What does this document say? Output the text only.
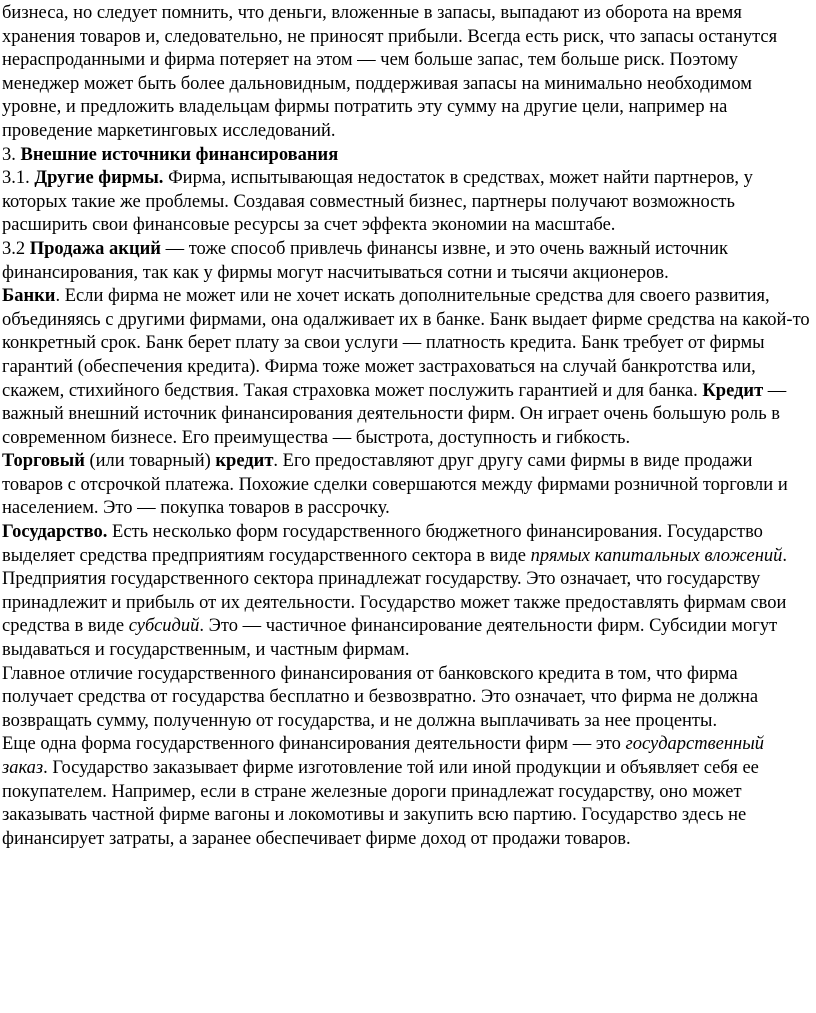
бизнеса, но следует помнить, что деньги, вложенные в запасы, выпадают из оборота на время хранения товаров и, следовательно, не приносят прибыли. Всегда есть риск, что запасы останутся нераспроданными и фирма потеряет на этом — чем больше запас, тем больше риск. Поэтому менеджер может быть более дальновидным, поддерживая запасы на минимально необходимом уровне, и предложить владельцам фирмы потратить эту сумму на другие цели, например на проведение маркетинговых исследований.

3. Внешние источники финансирования

3.1. Другие фирмы. Фирма, испытывающая недостаток в средствах, может найти партнеров, у которых такие же проблемы. Создавая совместный бизнес, партнеры получают возможность расширить свои финансовые ресурсы за счет эффекта экономии на масштабе.

3.2 Продажа акций — тоже способ привлечь финансы извне, и это очень важный источник финансирования, так как у фирмы могут насчитываться сотни и тысячи акционеров.

Банки. Если фирма не может или не хочет искать дополнительные средства для своего развития, объединяясь с другими фирмами, она одалживает их в банке. Банк выдает фирме средства на какой-то конкретный срок. Банк берет плату за свои услуги — платность кредита. Банк требует от фирмы гарантий (обеспечения кредита). Фирма тоже может застраховаться на случай банкротства или, скажем, стихийного бедствия. Такая страховка может послужить гарантией и для банка. Кредит — важный внешний источник финансирования деятельности фирм. Он играет очень большую роль в современном бизнесе. Его преимущества — быстрота, доступность и гибкость.

Торговый (или товарный) кредит. Его предоставляют друг другу сами фирмы в виде продажи товаров с отсрочкой платежа. Похожие сделки совершаются между фирмами розничной торговли и населением. Это — покупка товаров в рассрочку.

Государство. Есть несколько форм государственного бюджетного финансирования. Государство выделяет средства предприятиям государственного сектора в виде прямых капитальных вложений. Предприятия государственного сектора принадлежат государству. Это означает, что государству принадлежит и прибыль от их деятельности. Государство может также предоставлять фирмам свои средства в виде субсидий. Это — частичное финансирование деятельности фирм. Субсидии могут выдаваться и государственным, и частным фирмам.

Главное отличие государственного финансирования от банковского кредита в том, что фирма получает средства от государства бесплатно и безвозвратно. Это означает, что фирма не должна возвращать сумму, полученную от государства, и не должна выплачивать за нее проценты.

Еще одна форма государственного финансирования деятельности фирм — это государственный заказ. Государство заказывает фирме изготовление той или иной продукции и объявляет себя ее покупателем. Например, если в стране железные дороги принадлежат государству, оно может заказывать частной фирме вагоны и локомотивы и закупить всю партию. Государство здесь не финансирует затраты, а заранее обеспечивает фирме доход от продажи товаров.
